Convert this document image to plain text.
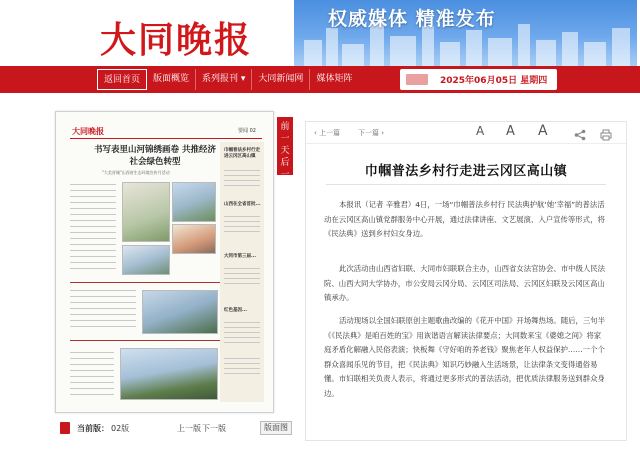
大同晚报	权威媒体 精准发布
返回首页	版面概览	系列报刊 ▾	大同新闻网	媒体矩阵	2025年06月05日 星期四
大同晚报	要闻 02
书写表里山河锦绣画卷 共推经济社会绿色转型
"大美晋城"山西省生态环境宣传月活动
巾帼普法乡村行走进云冈区高山镇
山西在全省首批...
大同市第三届...
红色基因...
前一天后一天
当前版： 02版	上一版 下一版	版面图
‹ 上一篇	下一篇 ›	A A A
巾帼普法乡村行走进云冈区高山镇
本报讯（记者 辛雅君）4日，一场“巾帼普法乡村行 民法典护航‘她’幸福”的普法活动在云冈区高山镇党群服务中心开展，通过法律讲座、文艺展演、入户宣传等形式，将《民法典》送到乡村妇女身边。
此次活动由山西省妇联、大同市妇联联合主办，山西省女法官协会、市中级人民法院、山西大同大学协办，市公安局云冈分局、云冈区司法局、云冈区妇联及云冈区高山镇承办。
活动现场以全国妇联原创主题歌曲改编的《花开中国》开场舞热场。随后，三句半《《民法典》是咱百姓的宝》用诙谐语言解读法律要点；大同数来宝《婆媳之间》将家庭矛盾化解融入民俗表演；快板舞《守好咱的养老钱》聚焦老年人权益保护……一个个群众喜闻乐见的节目，把《民法典》知识巧妙融入生活场景，让法律条文变得通俗易懂。市妇联相关负责人表示，将通过更多形式的普法活动，把优质法律服务送到群众身边。
